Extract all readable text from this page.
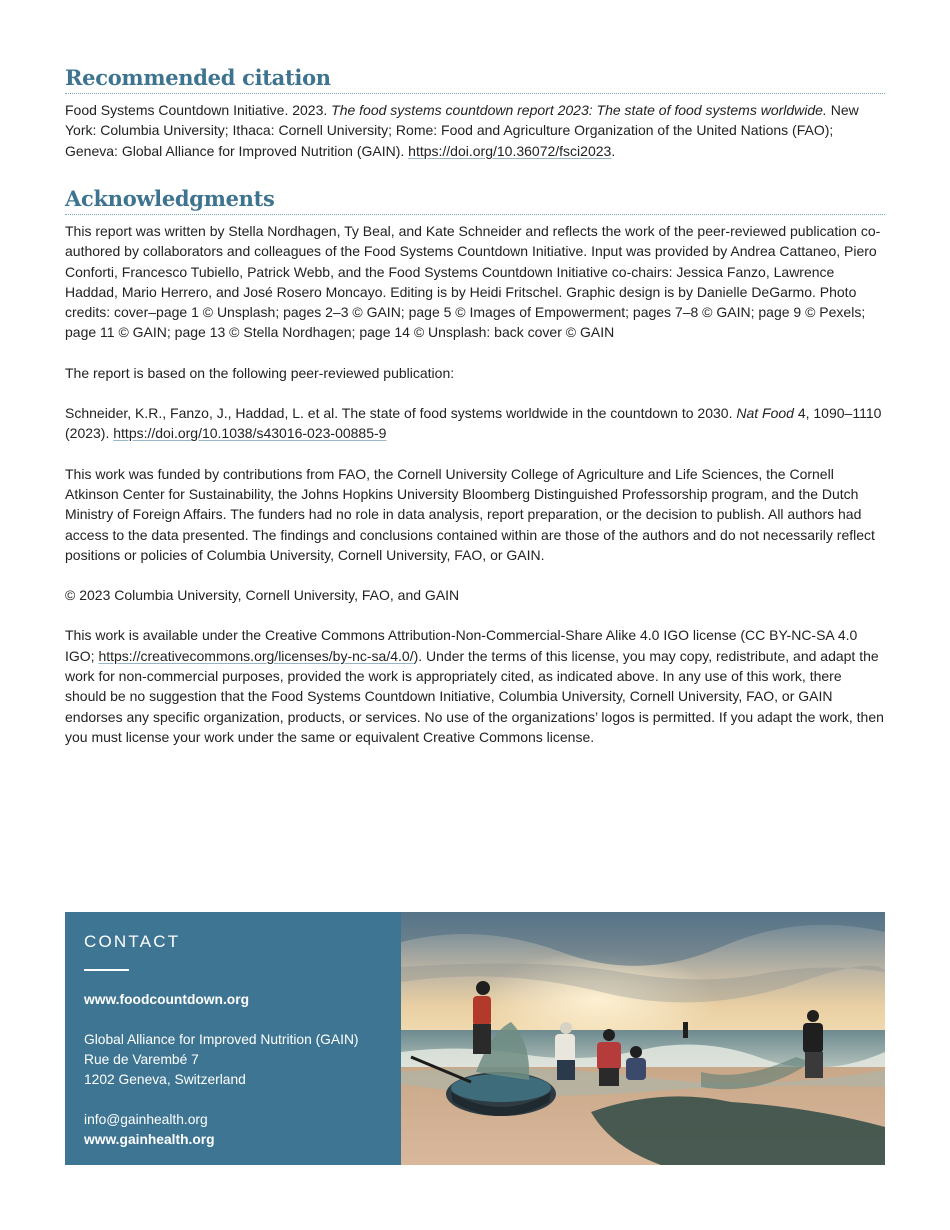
Recommended citation

Food Systems Countdown Initiative. 2023. The food systems countdown report 2023: The state of food systems worldwide. New York: Columbia University; Ithaca: Cornell University; Rome: Food and Agriculture Organization of the United Nations (FAO); Geneva: Global Alliance for Improved Nutrition (GAIN). https://doi.org/10.36072/fsci2023.

Acknowledgments

This report was written by Stella Nordhagen, Ty Beal, and Kate Schneider and reflects the work of the peer-reviewed publication co-authored by collaborators and colleagues of the Food Systems Countdown Initiative. Input was provided by Andrea Cattaneo, Piero Conforti, Francesco Tubiello, Patrick Webb, and the Food Systems Countdown Initiative co-chairs: Jessica Fanzo, Lawrence Haddad, Mario Herrero, and José Rosero Moncayo. Editing is by Heidi Fritschel. Graphic design is by Danielle DeGarmo. Photo credits: cover–page 1 © Unsplash; pages 2–3 © GAIN; page 5 © Images of Empowerment; pages 7–8 © GAIN; page 9 © Pexels; page 11 © GAIN; page 13 © Stella Nordhagen; page 14 © Unsplash: back cover © GAIN

The report is based on the following peer-reviewed publication:

Schneider, K.R., Fanzo, J., Haddad, L. et al. The state of food systems worldwide in the countdown to 2030. Nat Food 4, 1090–1110 (2023). https://doi.org/10.1038/s43016-023-00885-9

This work was funded by contributions from FAO, the Cornell University College of Agriculture and Life Sciences, the Cornell Atkinson Center for Sustainability, the Johns Hopkins University Bloomberg Distinguished Professorship program, and the Dutch Ministry of Foreign Affairs. The funders had no role in data analysis, report preparation, or the decision to publish. All authors had access to the data presented. The findings and conclusions contained within are those of the authors and do not necessarily reflect positions or policies of Columbia University, Cornell University, FAO, or GAIN.

© 2023 Columbia University, Cornell University, FAO, and GAIN

This work is available under the Creative Commons Attribution-Non-Commercial-Share Alike 4.0 IGO license (CC BY-NC-SA 4.0 IGO; https://creativecommons.org/licenses/by-nc-sa/4.0/). Under the terms of this license, you may copy, redistribute, and adapt the work for non-commercial purposes, provided the work is appropriately cited, as indicated above. In any use of this work, there should be no suggestion that the Food Systems Countdown Initiative, Columbia University, Cornell University, FAO, or GAIN endorses any specific organization, products, or services. No use of the organizations’ logos is permitted. If you adapt the work, then you must license your work under the same or equivalent Creative Commons license.

CONTACT
www.foodcountdown.org
Global Alliance for Improved Nutrition (GAIN)
Rue de Varembé 7
1202 Geneva, Switzerland
info@gainhealth.org
www.gainhealth.org
